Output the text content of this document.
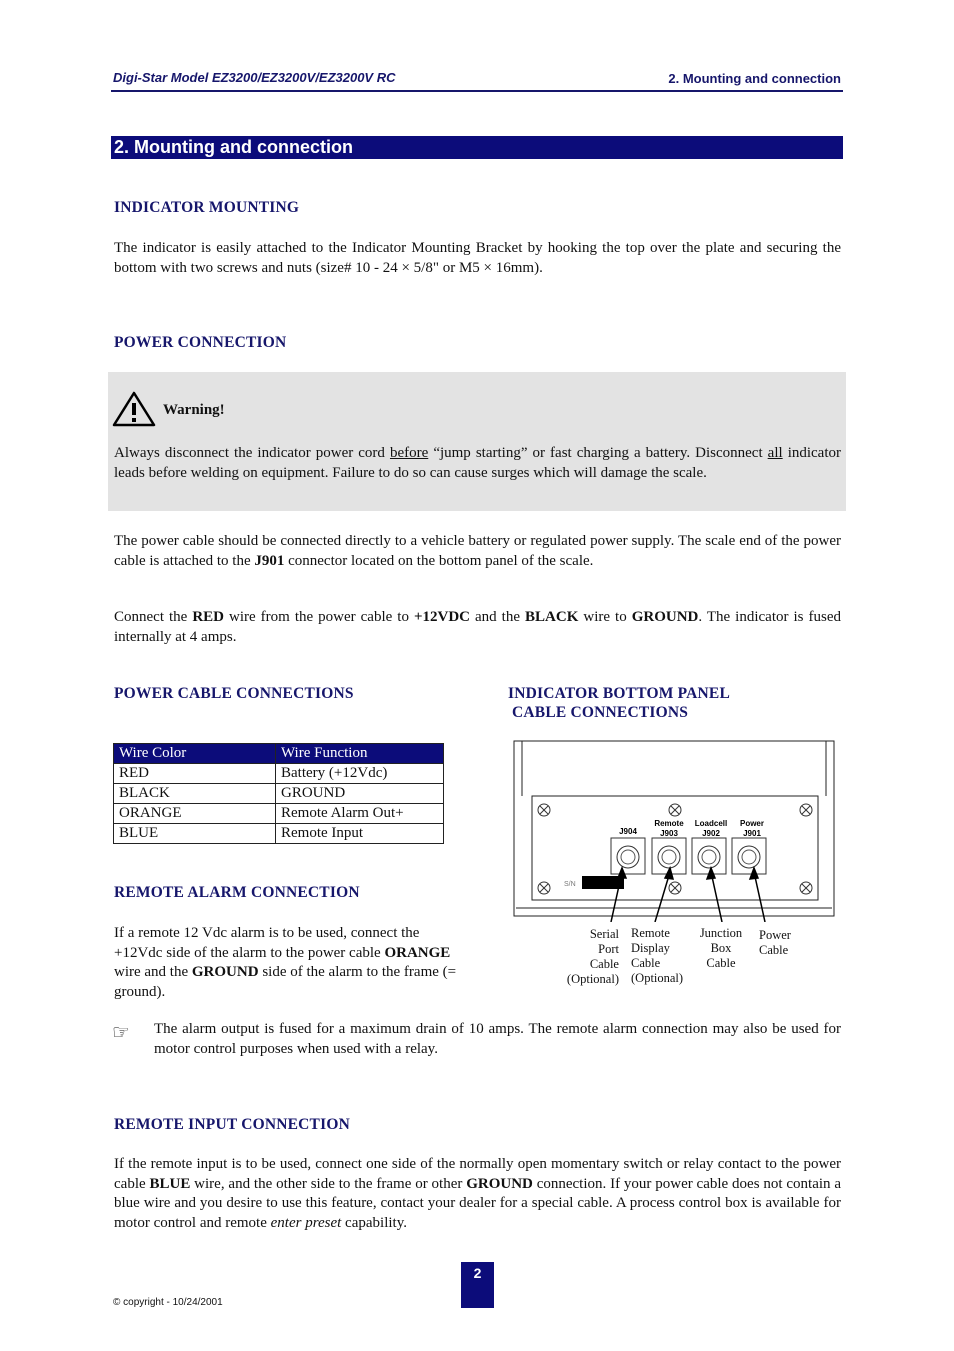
Digi-Star Model EZ3200/EZ3200V/EZ3200V RC	2. Mounting and connection
2. Mounting and connection
INDICATOR MOUNTING
The indicator is easily attached to the Indicator Mounting Bracket by hooking the top over the plate and securing the bottom with two screws and nuts (size# 10 - 24 × 5/8" or M5 × 16mm).
POWER CONNECTION
Warning!
Always disconnect the indicator power cord before “jump starting” or fast charging a battery. Disconnect all indicator leads before welding on equipment. Failure to do so can cause surges which will damage the scale.
The power cable should be connected directly to a vehicle battery or regulated power supply. The scale end of the power cable is attached to the J901 connector located on the bottom panel of the scale.
Connect the RED wire from the power cable to +12VDC and the BLACK wire to GROUND. The indicator is fused internally at 4 amps.
POWER CABLE CONNECTIONS
Wire Color	Wire Function
RED	Battery (+12Vdc)
BLACK	GROUND
ORANGE	Remote Alarm Out+
BLUE	Remote Input
INDICATOR BOTTOM PANEL
CABLE CONNECTIONS
J904
Remote
J903
Loadcell
J902
Power
J901
S/N
Serial
Port
Cable
(Optional)
Remote
Display
Cable
(Optional)
Junction
Box
Cable
Power
Cable
REMOTE ALARM CONNECTION
If a remote 12 Vdc alarm is to be used, connect the +12Vdc side of the alarm to the power cable ORANGE wire and the GROUND side of the alarm to the frame (= ground).
☞ The alarm output is fused for a maximum drain of 10 amps. The remote alarm connection may also be used for motor control purposes when used with a relay.
REMOTE INPUT CONNECTION
If the remote input is to be used, connect one side of the normally open momentary switch or relay contact to the power cable BLUE wire, and the other side to the frame or other GROUND connection. If your power cable does not contain a blue wire and you desire to use this feature, contact your dealer for a special cable. A process control box is available for motor control and remote enter preset capability.
2
© copyright - 10/24/2001
